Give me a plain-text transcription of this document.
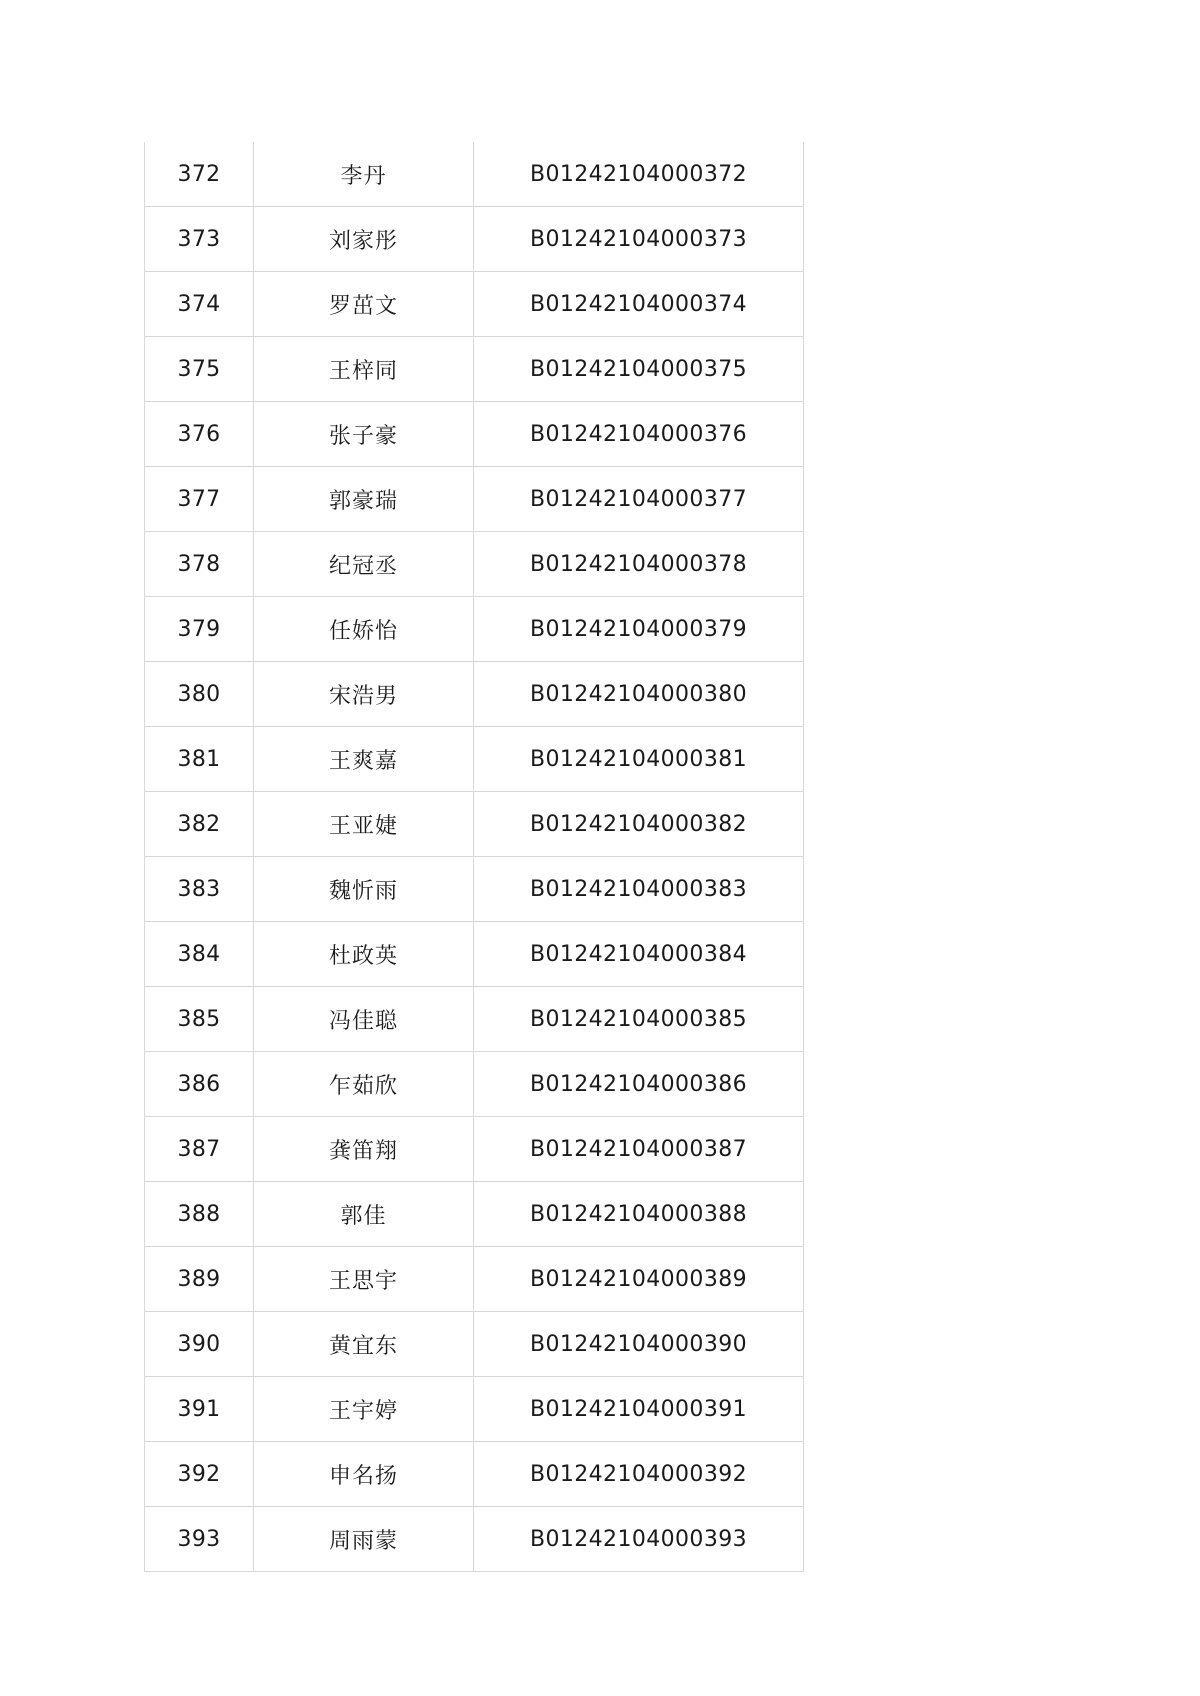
372	李丹	B01242104000372
373	刘家彤	B01242104000373
374	罗茁文	B01242104000374
375	王梓同	B01242104000375
376	张子豪	B01242104000376
377	郭豪瑞	B01242104000377
378	纪冠丞	B01242104000378
379	任娇怡	B01242104000379
380	宋浩男	B01242104000380
381	王爽嘉	B01242104000381
382	王亚婕	B01242104000382
383	魏忻雨	B01242104000383
384	杜政英	B01242104000384
385	冯佳聪	B01242104000385
386	乍茹欣	B01242104000386
387	龚笛翔	B01242104000387
388	郭佳	B01242104000388
389	王思宇	B01242104000389
390	黄宜东	B01242104000390
391	王宇婷	B01242104000391
392	申名扬	B01242104000392
393	周雨蒙	B01242104000393
